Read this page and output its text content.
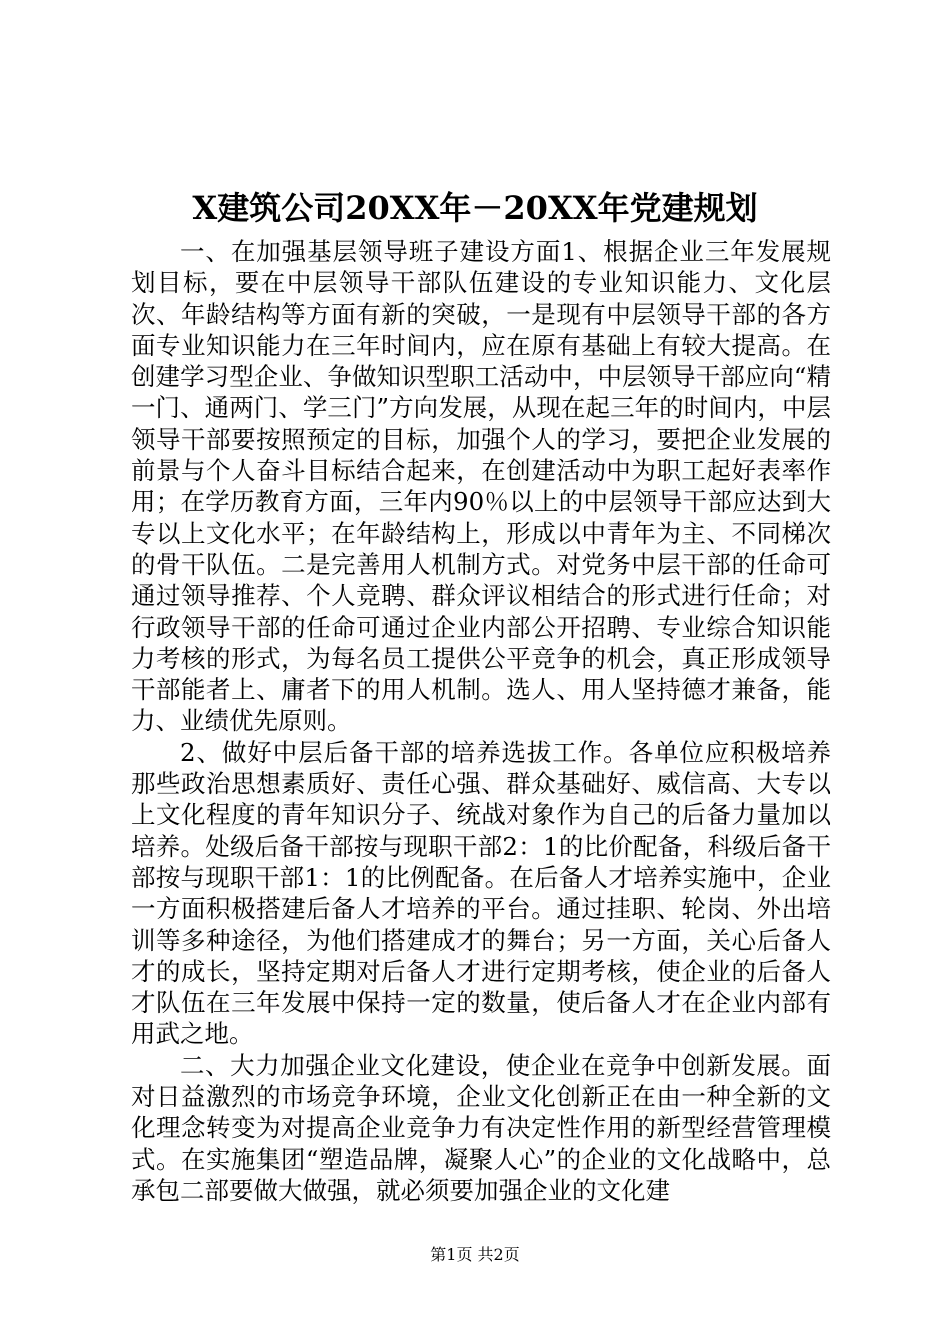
X建筑公司20XX年－20XX年党建规划

一、在加强基层领导班子建设方面1、根据企业三年发展规划目标，要在中层领导干部队伍建设的专业知识能力、文化层次、年龄结构等方面有新的突破，一是现有中层领导干部的各方面专业知识能力在三年时间内，应在原有基础上有较大提高。在创建学习型企业、争做知识型职工活动中，中层领导干部应向“精一门、通两门、学三门”方向发展，从现在起三年的时间内，中层领导干部要按照预定的目标，加强个人的学习，要把企业发展的前景与个人奋斗目标结合起来，在创建活动中为职工起好表率作用；在学历教育方面，三年内90％以上的中层领导干部应达到大专以上文化水平；在年龄结构上，形成以中青年为主、不同梯次的骨干队伍。二是完善用人机制方式。对党务中层干部的任命可通过领导推荐、个人竞聘、群众评议相结合的形式进行任命；对行政领导干部的任命可通过企业内部公开招聘、专业综合知识能力考核的形式，为每名员工提供公平竞争的机会，真正形成领导干部能者上、庸者下的用人机制。选人、用人坚持德才兼备，能力、业绩优先原则。

2、做好中层后备干部的培养选拔工作。各单位应积极培养那些政治思想素质好、责任心强、群众基础好、威信高、大专以上文化程度的青年知识分子、统战对象作为自己的后备力量加以培养。处级后备干部按与现职干部2：1的比价配备，科级后备干部按与现职干部1：1的比例配备。在后备人才培养实施中，企业一方面积极搭建后备人才培养的平台。通过挂职、轮岗、外出培训等多种途径，为他们搭建成才的舞台；另一方面，关心后备人才的成长，坚持定期对后备人才进行定期考核，使企业的后备人才队伍在三年发展中保持一定的数量，使后备人才在企业内部有用武之地。

二、大力加强企业文化建设，使企业在竞争中创新发展。面对日益激烈的市场竞争环境，企业文化创新正在由一种全新的文化理念转变为对提高企业竞争力有决定性作用的新型经营管理模式。在实施集团“塑造品牌，凝聚人心”的企业的文化战略中，总承包二部要做大做强，就必须要加强企业的文化建

第1页 共2页
